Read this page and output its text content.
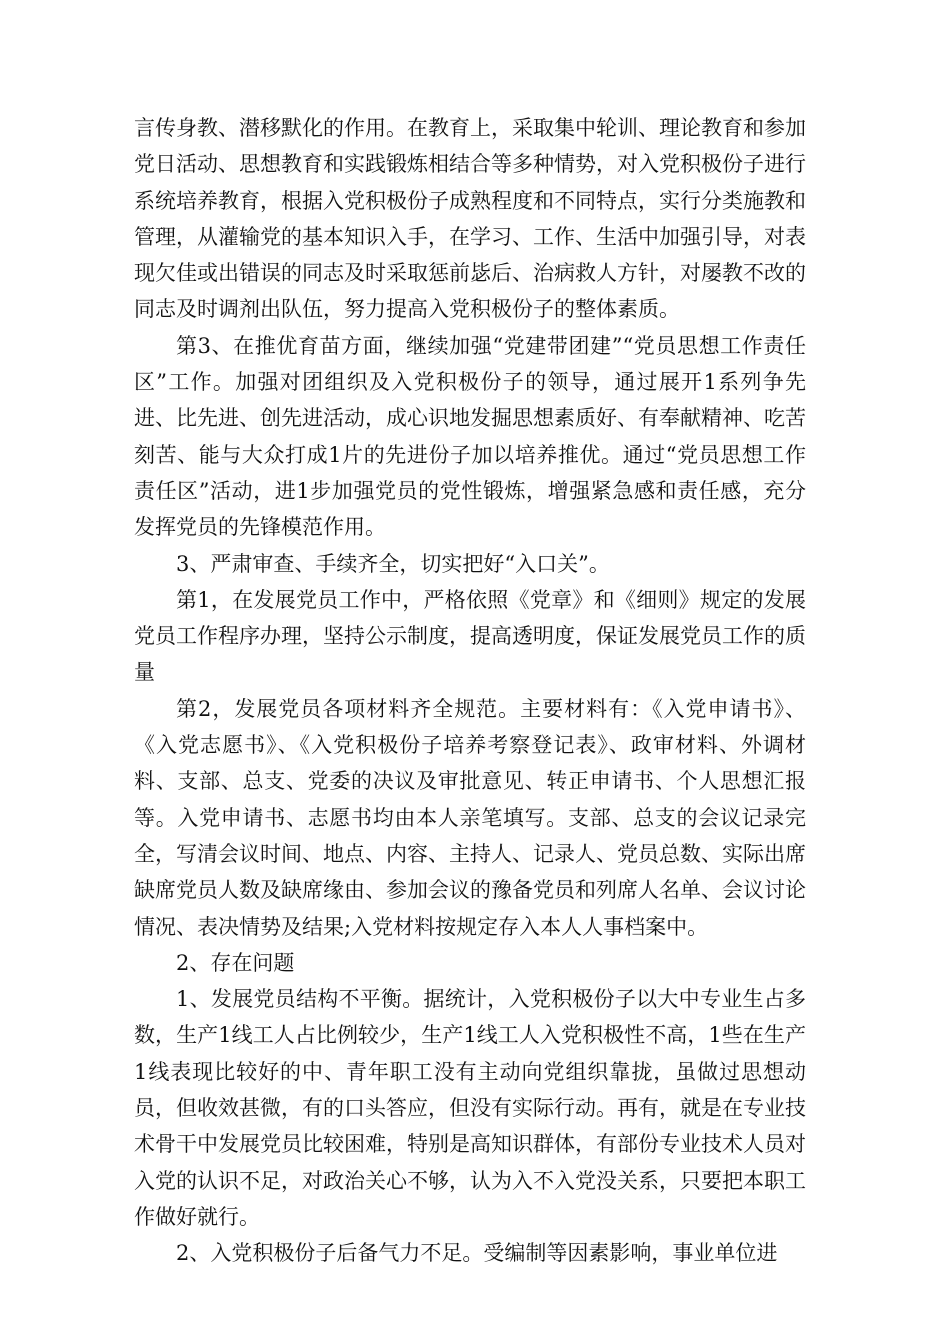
言传身教、潜移默化的作用。在教育上，采取集中轮训、理论教育和参加党日活动、思想教育和实践锻炼相结合等多种情势，对入党积极份子进行系统培养教育，根据入党积极份子成熟程度和不同特点，实行分类施教和管理，从灌输党的基本知识入手，在学习、工作、生活中加强引导，对表现欠佳或出错误的同志及时采取惩前毖后、治病救人方针，对屡教不改的同志及时调剂出队伍，努力提高入党积极份子的整体素质。

第3、在推优育苗方面，继续加强“党建带团建”“党员思想工作责任区”工作。加强对团组织及入党积极份子的领导，通过展开1系列争先进、比先进、创先进活动，成心识地发掘思想素质好、有奉献精神、吃苦刻苦、能与大众打成1片的先进份子加以培养推优。通过“党员思想工作责任区”活动，进1步加强党员的党性锻炼，增强紧急感和责任感，充分发挥党员的先锋模范作用。

3、严肃审查、手续齐全，切实把好“入口关”。

第1，在发展党员工作中，严格依照《党章》和《细则》规定的发展党员工作程序办理，坚持公示制度，提高透明度，保证发展党员工作的质量

第2，发展党员各项材料齐全规范。主要材料有：《入党申请书》、《入党志愿书》、《入党积极份子培养考察登记表》、政审材料、外调材料、支部、总支、党委的决议及审批意见、转正申请书、个人思想汇报等。入党申请书、志愿书均由本人亲笔填写。支部、总支的会议记录完全，写清会议时间、地点、内容、主持人、记录人、党员总数、实际出席缺席党员人数及缺席缘由、参加会议的豫备党员和列席人名单、会议讨论情况、表决情势及结果;入党材料按规定存入本人人事档案中。

2、存在问题

1、发展党员结构不平衡。据统计，入党积极份子以大中专业生占多数，生产1线工人占比例较少，生产1线工人入党积极性不高，1些在生产1线表现比较好的中、青年职工没有主动向党组织靠拢，虽做过思想动员，但收效甚微，有的口头答应，但没有实际行动。再有，就是在专业技术骨干中发展党员比较困难，特别是高知识群体，有部份专业技术人员对入党的认识不足，对政治关心不够，认为入不入党没关系，只要把本职工作做好就行。

2、入党积极份子后备气力不足。受编制等因素影响，事业单位进
